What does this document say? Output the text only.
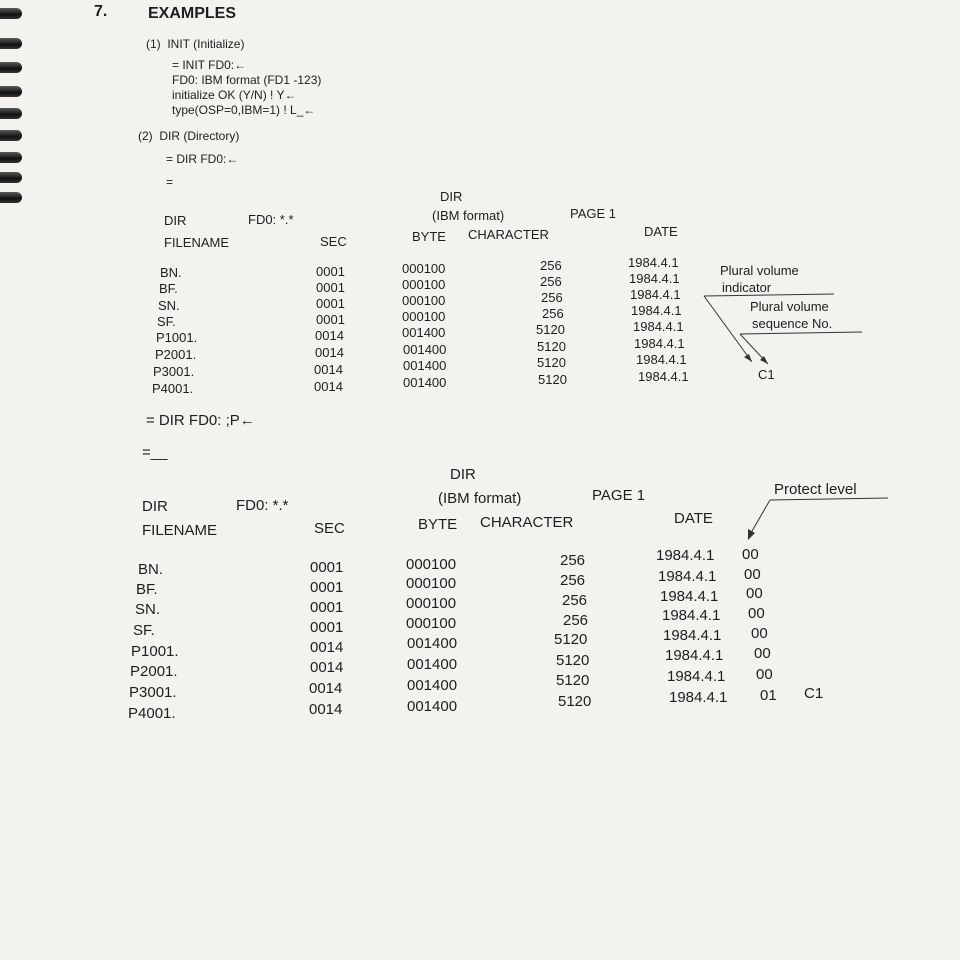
7.	EXAMPLES
(1)  INIT (Initialize)
= INIT FD0:←
FD0: IBM format (FD1 -123)
initialize OK (Y/N) ! Y←
type(OSP=0,IBM=1) ! L_←
(2)  DIR (Directory)
= DIR FD0:←
=
DIR
(IBM format)	PAGE 1
DIR	FD0: *.*
FILENAME	SEC	BYTE CHARACTER	DATE
BN.	0001	000100	256	1984.4.1
BF.	0001	000100	256	1984.4.1
SN.	0001	000100	256	1984.4.1
SF.	0001	000100	256	1984.4.1
P1001.	0014	001400	5120	1984.4.1
P2001.	0014	001400	5120	1984.4.1
P3001.	0014	001400	5120	1984.4.1
P4001.	0014	001400	5120	1984.4.1
Plural volume
indicator
Plural volume
sequence No.
C1
= DIR FD0: ;P←
=__
DIR
(IBM format)	PAGE 1
DIR	FD0: *.*
FILENAME	SEC	BYTE CHARACTER	DATE
Protect level
BN.	0001	000100	256	1984.4.1 00
BF.	0001	000100	256	1984.4.1 00
SN.	0001	000100	256	1984.4.1 00
SF.	0001	000100	256	1984.4.1 00
P1001.	0014	001400	5120	1984.4.1 00
P2001.	0014	001400	5120	1984.4.1 00
P3001.	0014	001400	5120	1984.4.1 00
P4001.	0014	001400	5120	1984.4.1 01 C1
